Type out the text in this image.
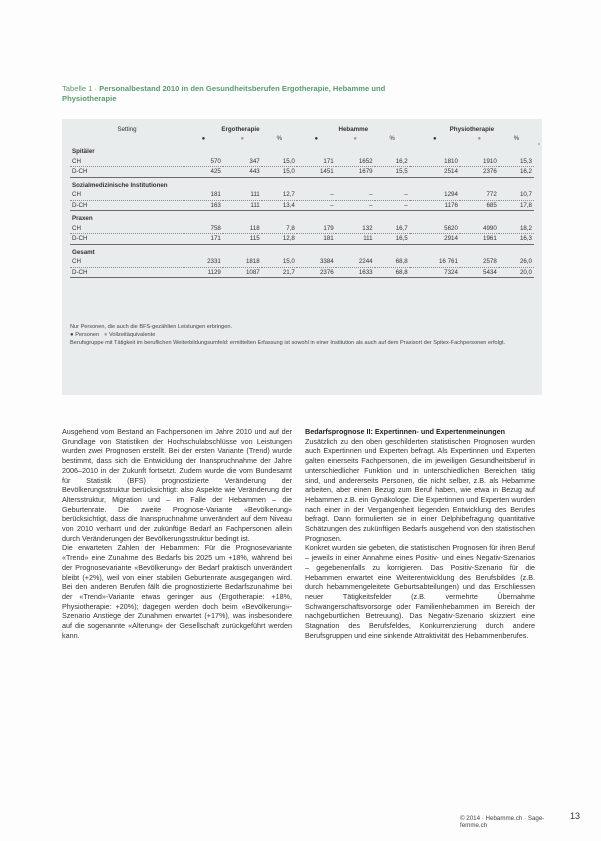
Tabelle 1 · Personalbestand 2010 in den Gesundheitsberufen Ergotherapie, Hebamme und Physiotherapie
Setting	Ergotherapie			Hebamme			Physiotherapie		
	●	●	%	●	●	%	●	●	%
Spitäler									
CH	570	347	15,0	171	1652	16,2	1810	1910	15,3
D-CH	425	443	15,0	1451	1679	15,5	2514	2376	16,2
Sozialmedizinische Institutionen									
CH	181	111	12,7	–	–	–	1294	772	10,7
D-CH	163	111	13,4	–	–	–	1176	685	17,8
Praxen									
CH	758	118	7,8	179	132	16,7	5620	4990	18,2
D-CH	171	115	12,8	181	111	16,5	2914	1961	16,3
Gesamt									
CH	2331	1818	15,0	3384	2244	68,8	16 761	2578	26,0
D-CH	1129	1087	21,7	2376	1633	68,8	7324	5434	20,0
Nur Personen, die auch die BFS-gezählten Leistungen erbringen.
● Personen ● Vollzeitäquivalente
Berufsgruppe mit Tätigkeit im beruflichen Weiterbildungsumfeld: ermittelten Erfassung ist sowohl in einer Institution als auch auf dem Praxisort der Spitex-Fachpersonen erfolgt.

Ausgehend vom Bestand an Fachpersonen im Jahre 2010 und auf der Grundlage von Statistiken der Hochschulabschlüsse von Leistungen wurden zwei Prognosen erstellt. Bei der ersten Variante (Trend) wurde bestimmt, dass sich die Entwicklung der Inanspruchnahme der Jahre 2006–2010 in der Zukunft fortsetzt. Zudem wurde die vom Bundesamt für Statistik (BFS) prognostizierte Veränderung der Bevölkerungsstruktur berücksichtigt: also Aspekte wie Veränderung der Altersstruktur, Migration und – im Falle der Hebammen – die Geburtenrate. Die zweite Prognose-Variante «Bevölkerung» berücksichtigt, dass die Inanspruchnahme unverändert auf dem Niveau von 2010 verharrt und der zukünftige Bedarf an Fachpersonen allein durch Veränderungen der Bevölkerungsstruktur bedingt ist.

Die erwarteten Zahlen der Hebammen: Für die Prognosevariante «Trend» eine Zunahme des Bedarfs bis 2025 um +18%, während bei der Prognosevariante «Bevölkerung» der Bedarf praktisch unverändert bleibt (+2%), weil von einer stabilen Geburtenrate ausgegangen wird. Bei den anderen Berufen fällt die prognostizierte Bedarfszunahme bei der «Trend»-Variante etwas geringer aus (Ergotherapie: +18%, Physiotherapie: +20%); dagegen werden doch beim «Bevölkerung»-Szenario Anstiege der Zunahmen erwartet (+17%), was insbesondere auf die sogenannte «Alterung» der Gesellschaft zurückgeführt werden kann.

Bedarfsprognose II: Expertinnen- und Expertenmeinungen

Zusätzlich zu den oben geschilderten statistischen Prognosen wurden auch Expertinnen und Experten befragt. Als Expertinnen und Experten galten einerseits Fachpersonen, die im jeweiligen Gesundheitsberuf in unterschiedlicher Funktion und in unterschiedlichen Bereichen tätig sind, und andererseits Personen, die nicht selber, z.B. als Hebamme arbeiten, aber einen Bezug zum Beruf haben, wie etwa in Bezug auf Hebammen z.B. ein Gynäkologe. Die Expertinnen und Experten wurden nach einer in der Vergangenheit liegenden Entwicklung des Berufes befragt. Dann formulierten sie in einer Delphibefragung quantitative Schätzungen des zukünftigen Bedarfs ausgehend von den statistischen Prognosen.

Konkret wurden sie gebeten, die statistischen Prognosen für ihren Beruf – jeweils in einer Annahme eines Positiv- und eines Negativ-Szenarios – gegebenenfalls zu korrigieren. Das Positiv-Szenario für die Hebammen erwartet eine Weiterentwicklung des Berufsbildes (z.B. durch hebammengeleitete Geburtsabteilungen) und das Erschliessen neuer Tätigkeitsfelder (z.B. vermehrte Übernahme Schwangerschaftsvorsorge oder Familienhebammen im Bereich der nachgeburtlichen Betreuung). Das Negativ-Szenario skizziert eine Stagnation des Berufsfeldes, Konkurrenzierung durch andere Berufsgruppen und eine sinkende Attraktivität des Hebammenberufes.

© 2014 · Hebamme.ch · Sage-femme.ch
13
